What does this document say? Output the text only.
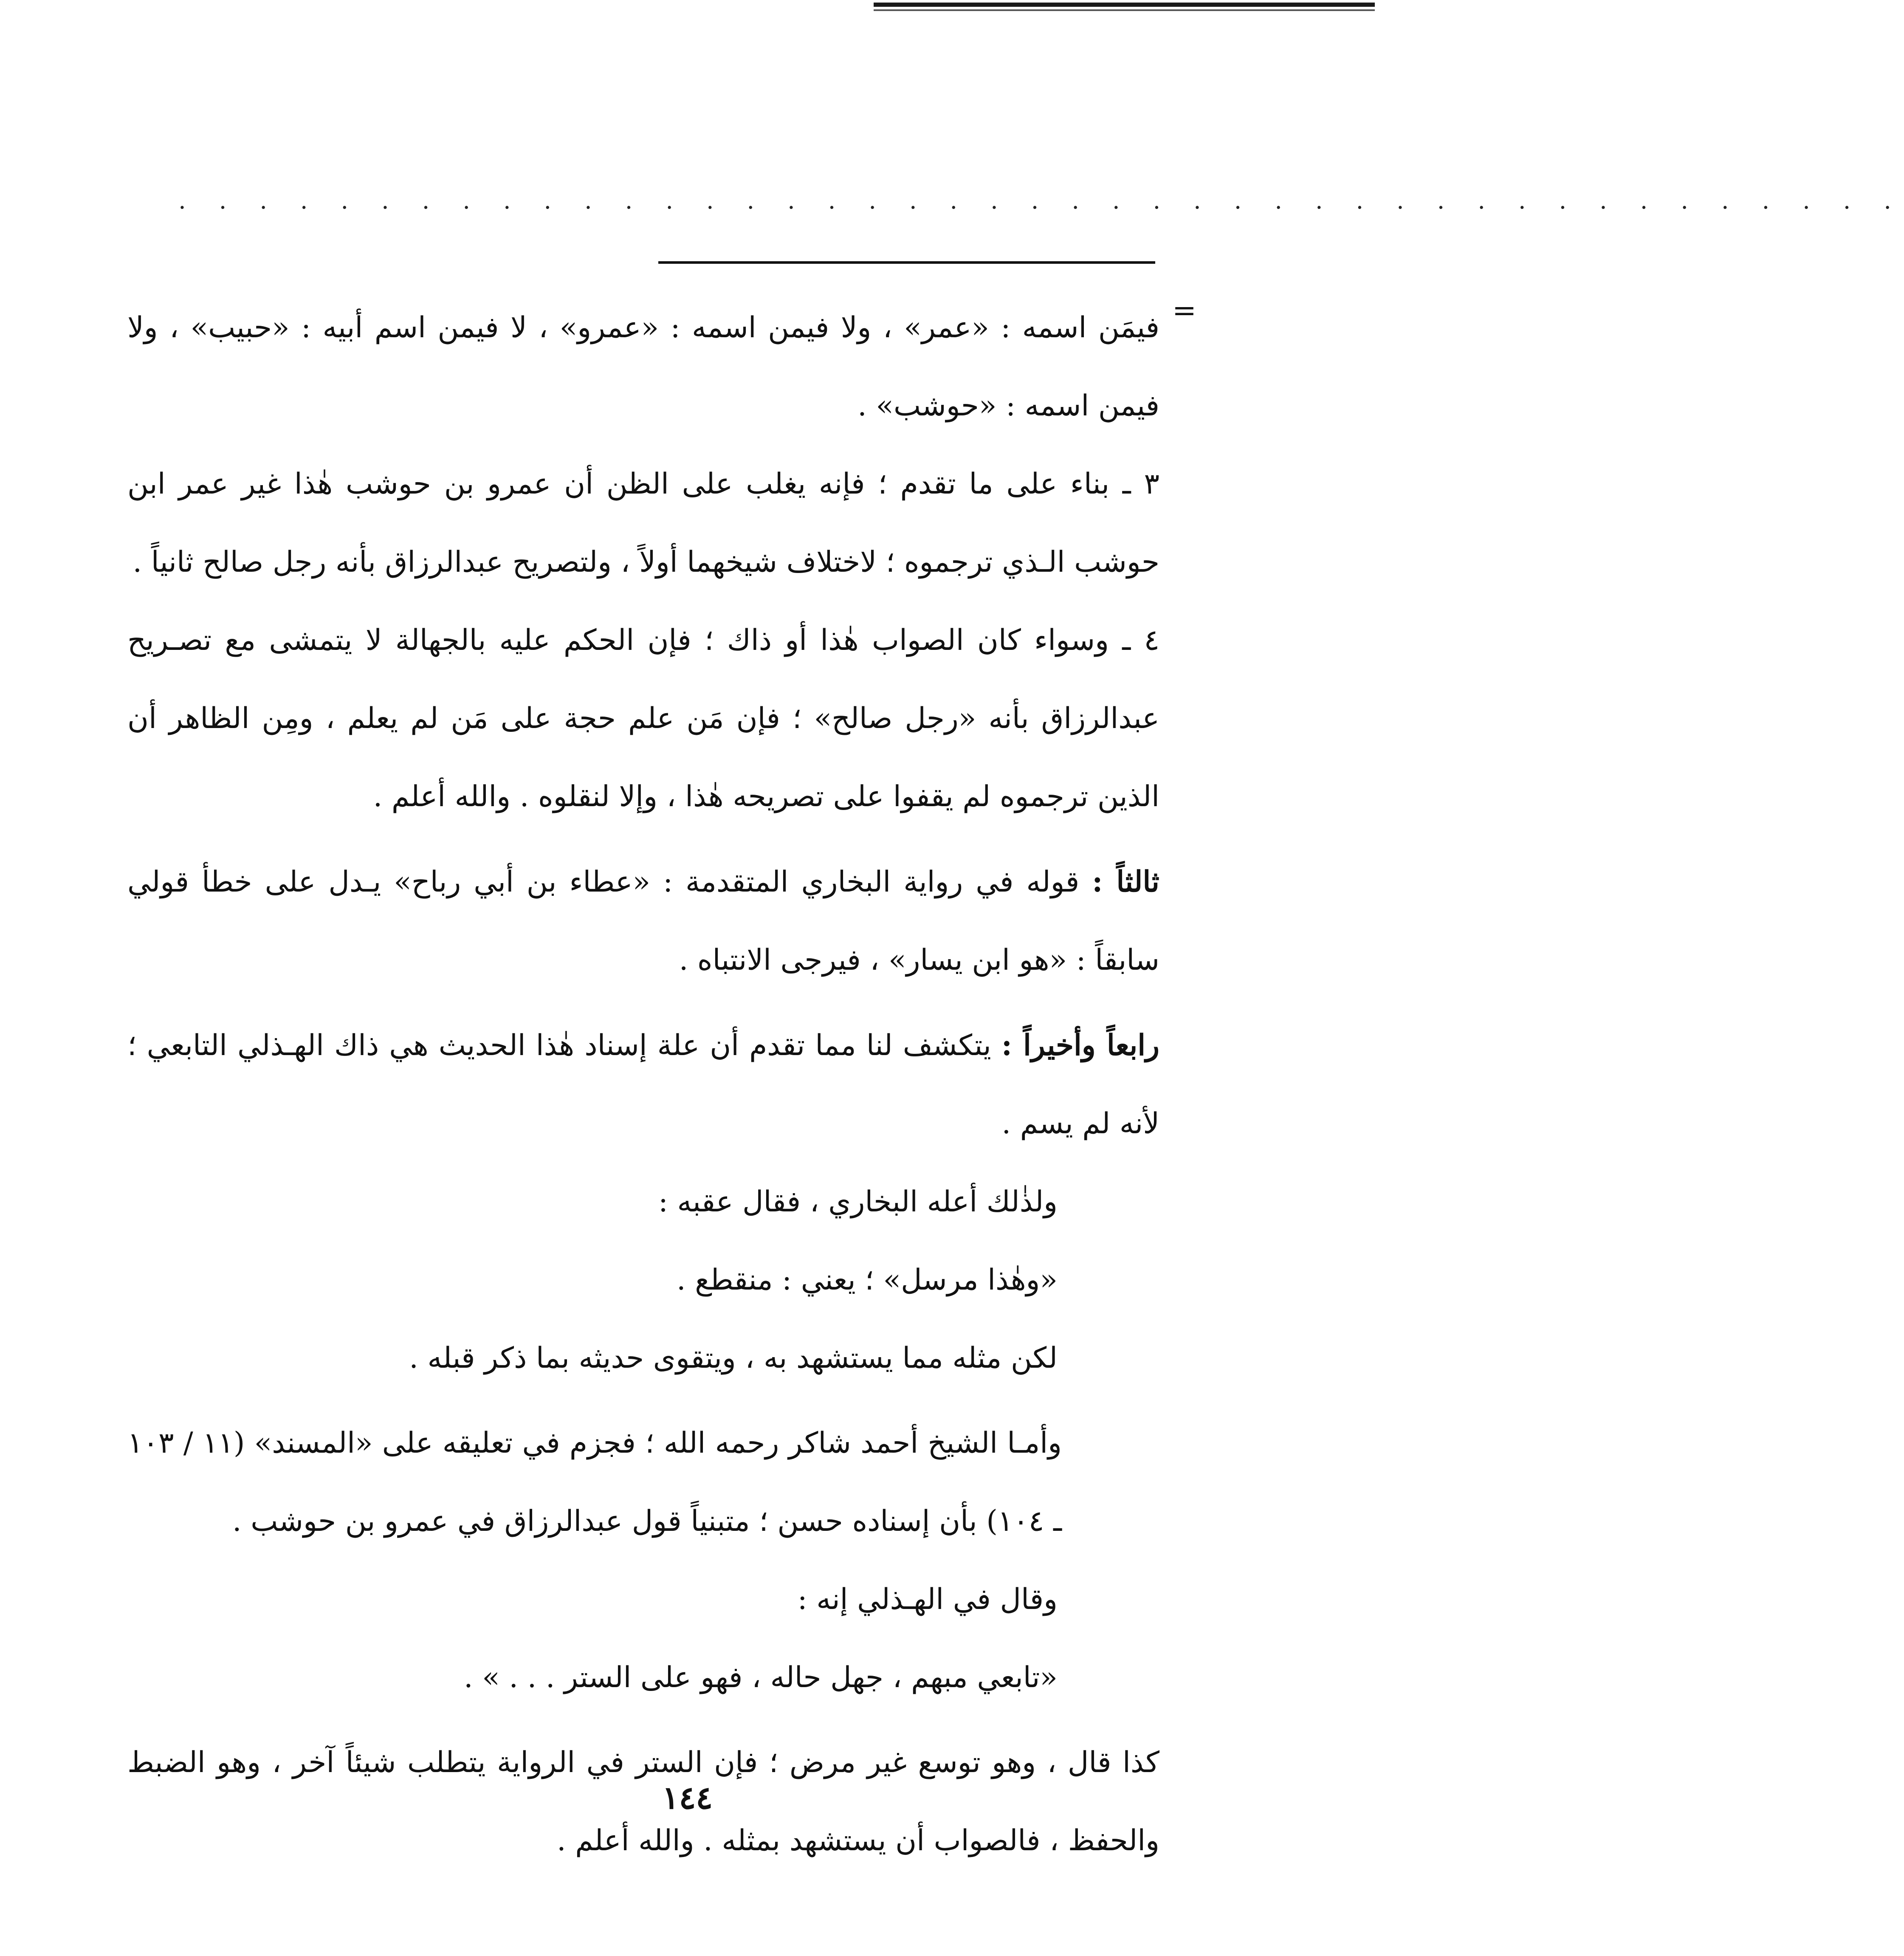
. . . . . . . . . . . . . . . . . . . . . . . . . . . . . . . . . . . . . . . . . . .
=

فيمَن اسمه : «عمر» ، ولا فيمن اسمه : «عمرو» ، لا فيمن اسم أبيه : «حبيب» ، ولا فيمن اسمه : «حوشب» .

٣ ـ بناء على ما تقدم ؛ فإنه يغلب على الظن أن عمرو بن حوشب هٰذا غير عمر ابن حوشب الـذي ترجموه ؛ لاختلاف شيخهما أولاً ، ولتصريح عبدالرزاق بأنه رجل صالح ثانياً .

٤ ـ وسواء كان الصواب هٰذا أو ذاك ؛ فإن الحكم عليه بالجهالة لا يتمشى مع تصـريح عبدالرزاق بأنه «رجل صالح» ؛ فإن مَن علم حجة على مَن لم يعلم ، ومِن الظاهر أن الذين ترجموه لم يقفوا على تصريحه هٰذا ، وإلا لنقلوه . والله أعلم .

ثالثاً : قوله في رواية البخاري المتقدمة : «عطاء بن أبي رباح» يـدل على خطأ قولي سابقاً : «هو ابن يسار» ، فيرجى الانتباه .

رابعاً وأخيراً : يتكشف لنا مما تقدم أن علة إسناد هٰذا الحديث هي ذاك الهـذلي التابعي ؛ لأنه لم يسم .

ولذٰلك أعله البخاري ، فقال عقبه :

«وهٰذا مرسل» ؛ يعني : منقطع .

لكن مثله مما يستشهد به ، ويتقوى حديثه بما ذكر قبله .

وأمـا الشيخ أحمد شاكر رحمه الله ؛ فجزم في تعليقه على «المسند» (١١ / ١٠٣ ـ ١٠٤) بأن إسناده حسن ؛ متبنياً قول عبدالرزاق في عمرو بن حوشب .

وقال في الهـذلي إنه :

«تابعي مبهم ، جهل حاله ، فهو على الستر . . . » .

كذا قال ، وهو توسع غير مرض ؛ فإن الستر في الرواية يتطلب شيئاً آخر ، وهو الضبط والحفظ ، فالصواب أن يستشهد بمثله . والله أعلم .

١٤٤
